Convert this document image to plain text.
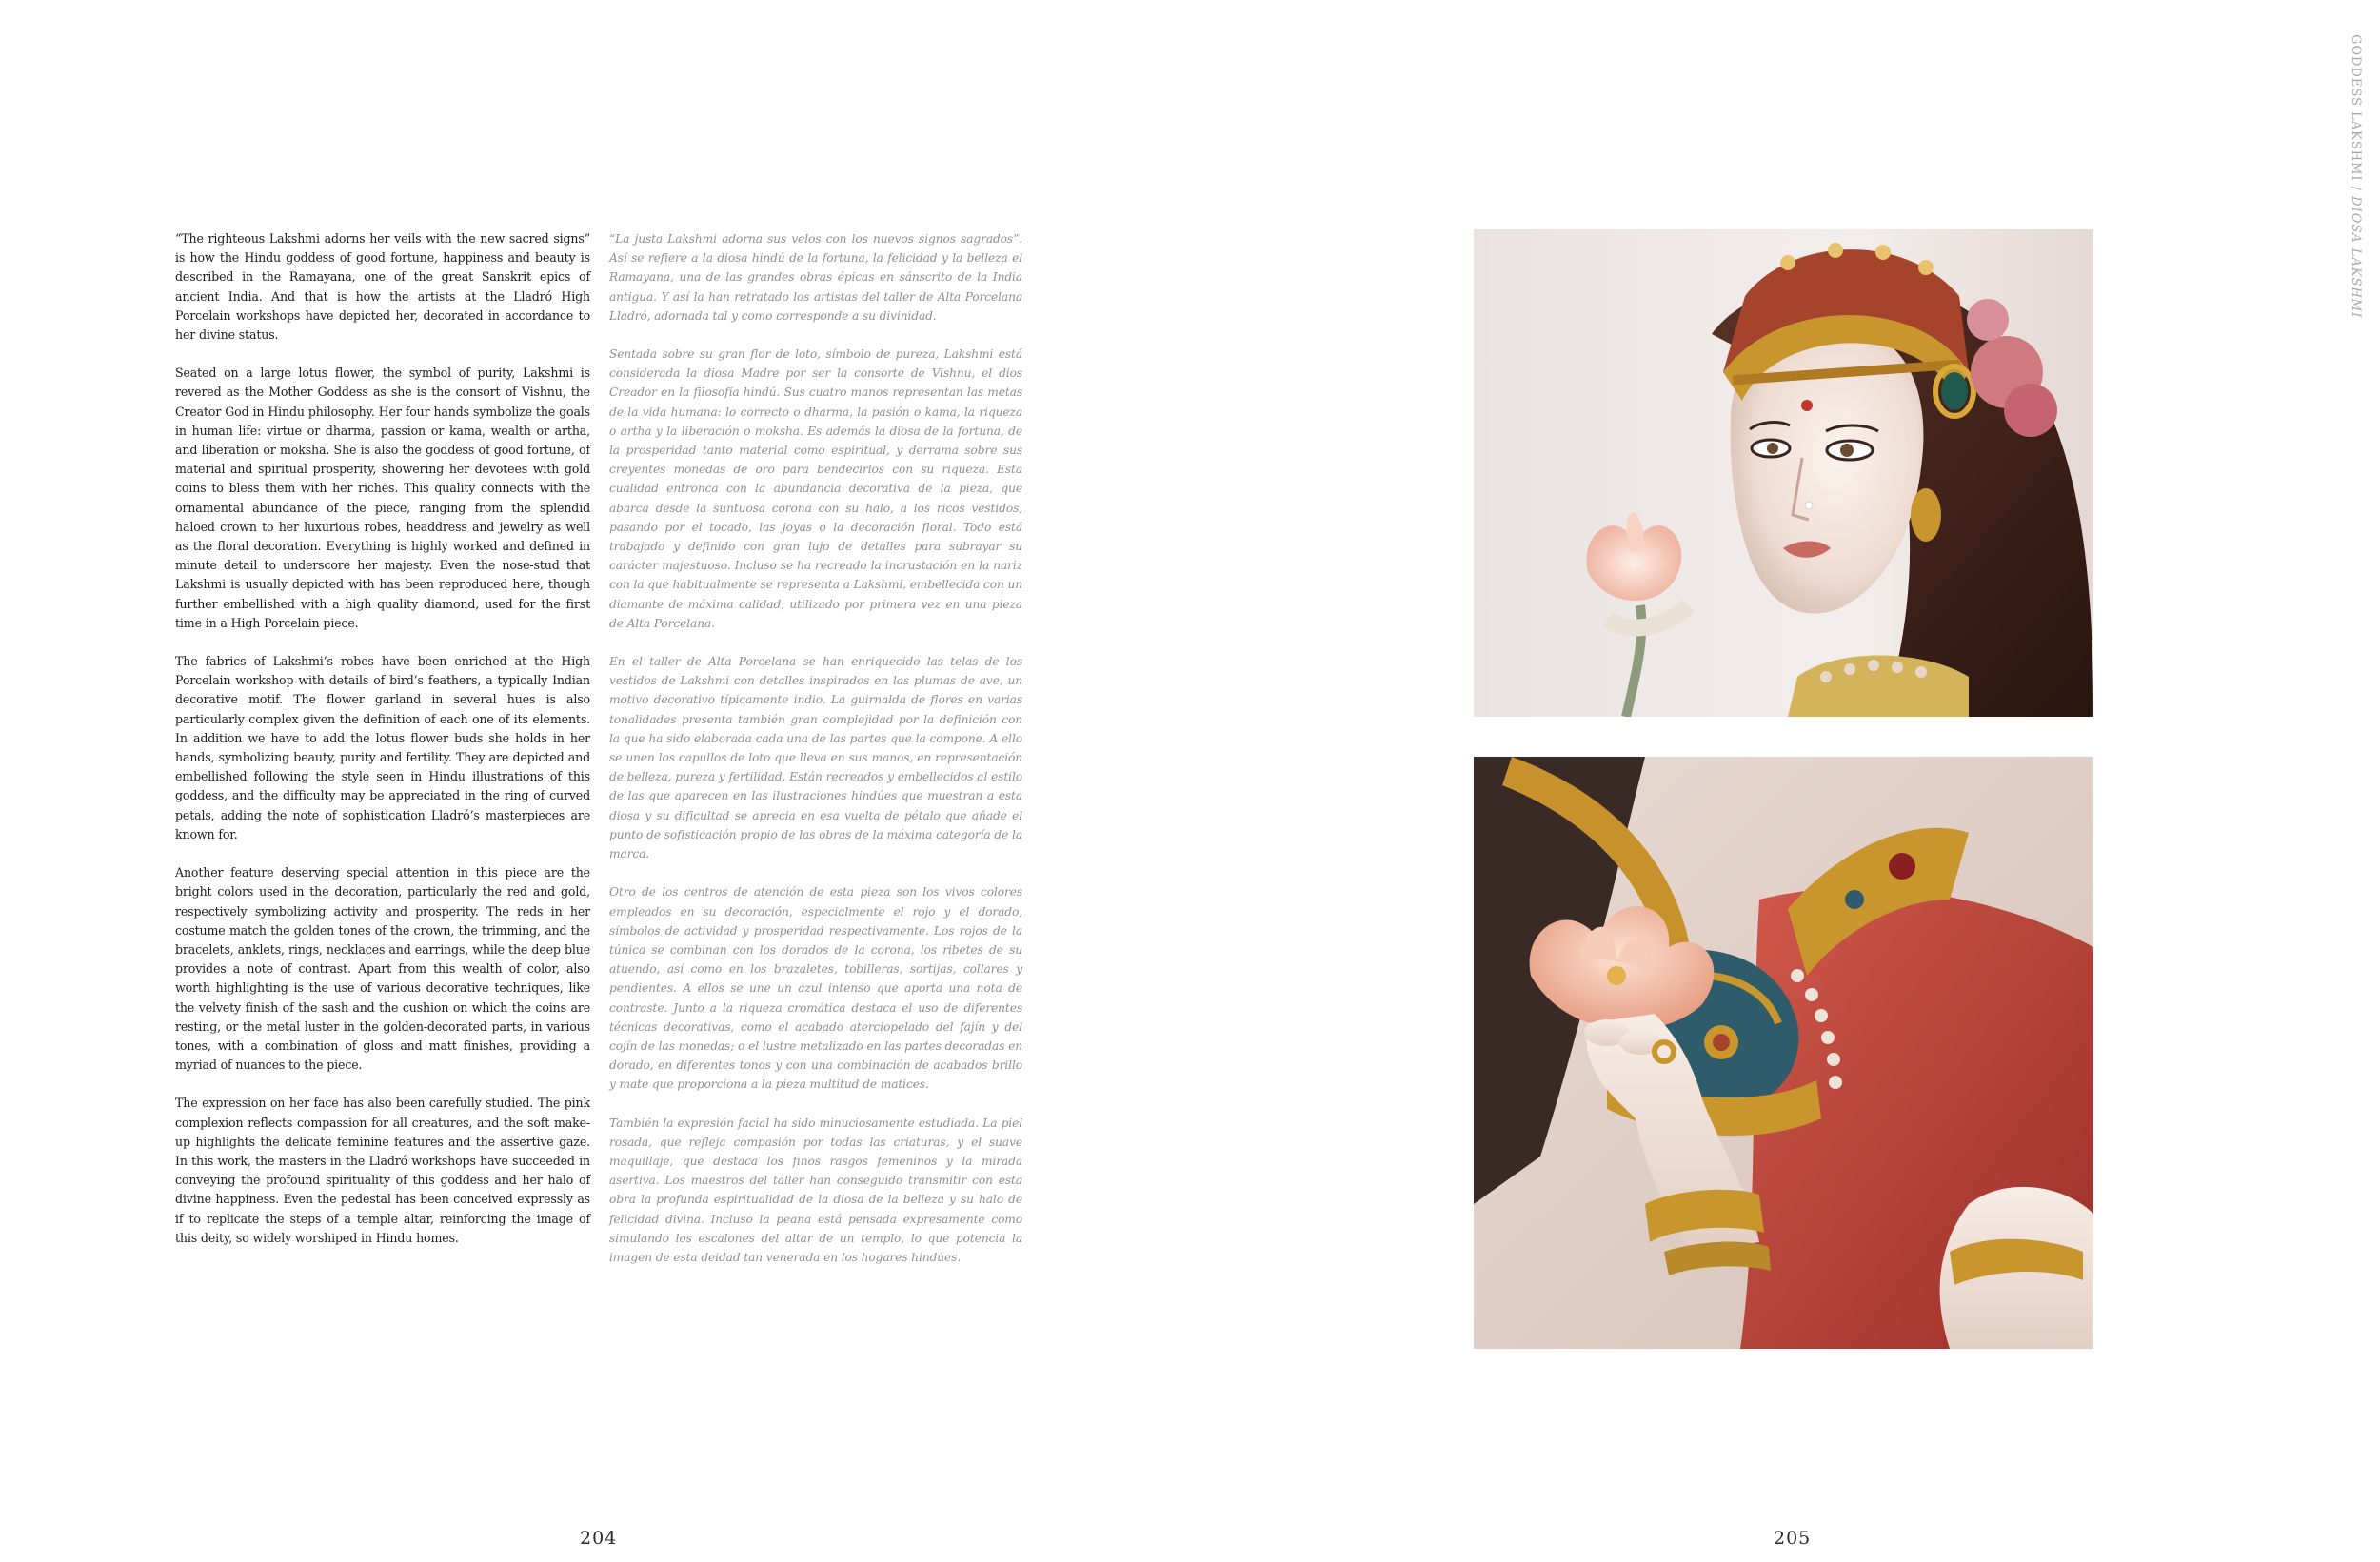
“The righteous Lakshmi adorns her veils with the new sacred signs” is how the Hindu goddess of good fortune, happiness and beauty is described in the Ramayana, one of the great Sanskrit epics of ancient India. And that is how the artists at the Lladró High Porcelain workshops have depicted her, decorated in accordance to her divine status.

Seated on a large lotus flower, the symbol of purity, Lakshmi is revered as the Mother Goddess as she is the consort of Vishnu, the Creator God in Hindu philosophy. Her four hands symbolize the goals in human life: virtue or dharma, passion or kama, wealth or artha, and liberation or moksha. She is also the goddess of good fortune, of material and spiritual prosperity, showering her devotees with gold coins to bless them with her riches. This quality connects with the ornamental abundance of the piece, ranging from the splendid haloed crown to her luxurious robes, headdress and jewelry as well as the floral decoration. Everything is highly worked and defined in minute detail to underscore her majesty. Even the nose-stud that Lakshmi is usually depicted with has been reproduced here, though further embellished with a high quality diamond, used for the first time in a High Porcelain piece.

The fabrics of Lakshmi’s robes have been enriched at the High Porcelain workshop with details of bird’s feathers, a typically Indian decorative motif. The flower garland in several hues is also particularly complex given the definition of each one of its elements. In addition we have to add the lotus flower buds she holds in her hands, symbolizing beauty, purity and fertility. They are depicted and embellished following the style seen in Hindu illustrations of this goddess, and the difficulty may be appreciated in the ring of curved petals, adding the note of sophistication Lladró’s masterpieces are known for.

Another feature deserving special attention in this piece are the bright colors used in the decoration, particularly the red and gold, respectively symbolizing activity and prosperity. The reds in her costume match the golden tones of the crown, the trimming, and the bracelets, anklets, rings, necklaces and earrings, while the deep blue provides a note of contrast. Apart from this wealth of color, also worth highlighting is the use of various decorative techniques, like the velvety finish of the sash and the cushion on which the coins are resting, or the metal luster in the golden-decorated parts, in various tones, with a combination of gloss and matt finishes, providing a myriad of nuances to the piece.

The expression on her face has also been carefully studied. The pink complexion reflects compassion for all creatures, and the soft make-up highlights the delicate feminine features and the assertive gaze. In this work, the masters in the Lladró workshops have succeeded in conveying the profound spirituality of this goddess and her halo of divine happiness. Even the pedestal has been conceived expressly as if to replicate the steps of a temple altar, reinforcing the image of this deity, so widely worshiped in Hindu homes.

“La justa Lakshmi adorna sus velos con los nuevos signos sagrados”. Así se refiere a la diosa hindú de la fortuna, la felicidad y la belleza el Ramayana, una de las grandes obras épicas en sánscrito de la India antigua. Y así la han retratado los artistas del taller de Alta Porcelana Lladró, adornada tal y como corresponde a su divinidad.

Sentada sobre su gran flor de loto, símbolo de pureza, Lakshmi está considerada la diosa Madre por ser la consorte de Vishnu, el dios Creador en la filosofía hindú. Sus cuatro manos representan las metas de la vida humana: lo correcto o dharma, la pasión o kama, la riqueza o artha y la liberación o moksha. Es además la diosa de la fortuna, de la prosperidad tanto material como espiritual, y derrama sobre sus creyentes monedas de oro para bendecirlos con su riqueza. Esta cualidad entronca con la abundancia decorativa de la pieza, que abarca desde la suntuosa corona con su halo, a los ricos vestidos, pasando por el tocado, las joyas o la decoración floral. Todo está trabajado y definido con gran lujo de detalles para subrayar su carácter majestuoso. Incluso se ha recreado la incrustación en la nariz con la que habitualmente se representa a Lakshmi, embellecida con un diamante de máxima calidad, utilizado por primera vez en una pieza de Alta Porcelana.

En el taller de Alta Porcelana se han enriquecido las telas de los vestidos de Lakshmi con detalles inspirados en las plumas de ave, un motivo decorativo típicamente indio. La guirnalda de flores en varias tonalidades presenta también gran complejidad por la definición con la que ha sido elaborada cada una de las partes que la compone. A ello se unen los capullos de loto que lleva en sus manos, en representación de belleza, pureza y fertilidad. Están recreados y embellecidos al estilo de las que aparecen en las ilustraciones hindúes que muestran a esta diosa y su dificultad se aprecia en esa vuelta de pétalo que añade el punto de sofisticación propio de las obras de la máxima categoría de la marca.

Otro de los centros de atención de esta pieza son los vivos colores empleados en su decoración, especialmente el rojo y el dorado, símbolos de actividad y prosperidad respectivamente. Los rojos de la túnica se combinan con los dorados de la corona, los ribetes de su atuendo, así como en los brazaletes, tobilleras, sortijas, collares y pendientes. A ellos se une un azul intenso que aporta una nota de contraste. Junto a la riqueza cromática destaca el uso de diferentes técnicas decorativas, como el acabado aterciopelado del fajín y del cojín de las monedas; o el lustre metalizado en las partes decoradas en dorado, en diferentes tonos y con una combinación de acabados brillo y mate que proporciona a la pieza multitud de matices.

También la expresión facial ha sido minuciosamente estudiada. La piel rosada, que refleja compasión por todas las criaturas, y el suave maquillaje, que destaca los finos rasgos femeninos y la mirada asertiva. Los maestros del taller han conseguido transmitir con esta obra la profunda espiritualidad de la diosa de la belleza y su halo de felicidad divina. Incluso la peana está pensada expresamente como simulando los escalones del altar de un templo, lo que potencia la imagen de esta deidad tan venerada en los hogares hindúes.

204	205
GODDESS LAKSHMI / DIOSA LAKSHMI
